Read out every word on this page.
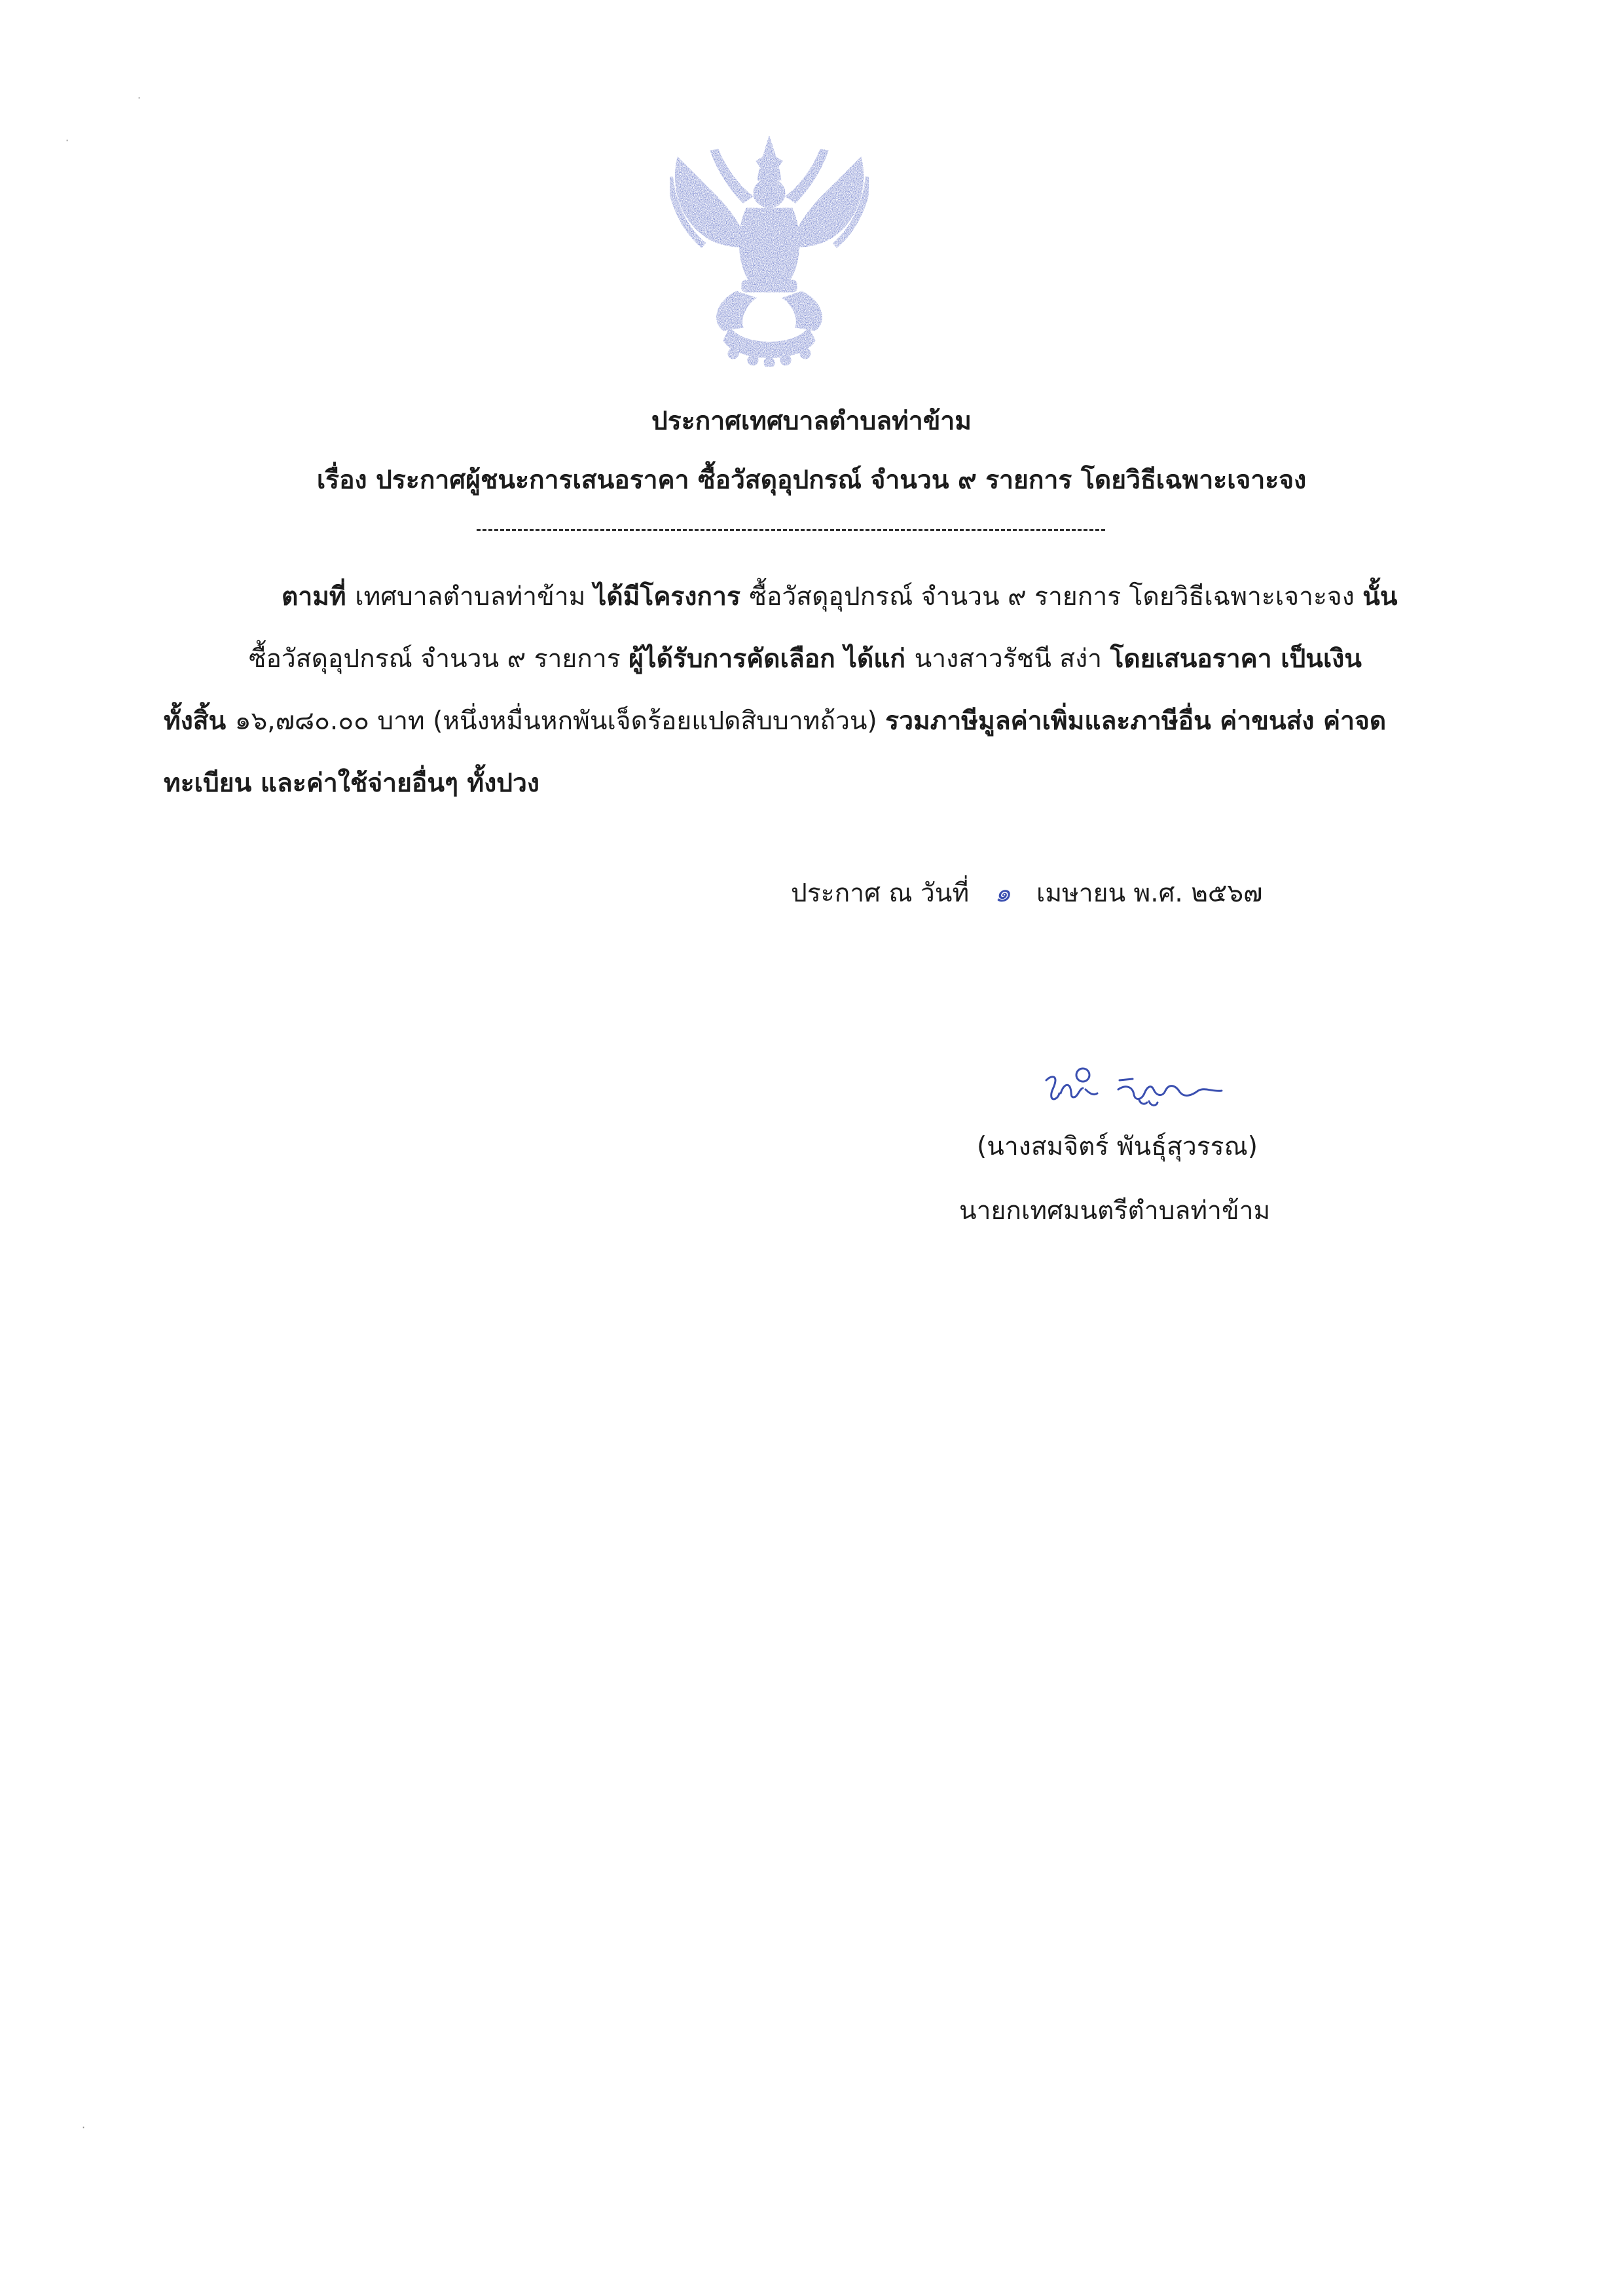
ประกาศเทศบาลตำบลท่าข้าม
เรื่อง ประกาศผู้ชนะการเสนอราคา ซื้อวัสดุอุปกรณ์ จำนวน ๙ รายการ โดยวิธีเฉพาะเจาะจง
ตามที่ เทศบาลตำบลท่าข้าม ได้มีโครงการ ซื้อวัสดุอุปกรณ์ จำนวน ๙ รายการ โดยวิธีเฉพาะเจาะจง นั้น
ซื้อวัสดุอุปกรณ์ จำนวน ๙ รายการ ผู้ได้รับการคัดเลือก ได้แก่ นางสาวรัชนี สง่า โดยเสนอราคา เป็นเงิน
ทั้งสิ้น ๑๖,๗๘๐.๐๐ บาท (หนึ่งหมื่นหกพันเจ็ดร้อยแปดสิบบาทถ้วน) รวมภาษีมูลค่าเพิ่มและภาษีอื่น ค่าขนส่ง ค่าจด
ทะเบียน และค่าใช้จ่ายอื่นๆ ทั้งปวง
ประกาศ ณ วันที่ ๑ เมษายน พ.ศ. ๒๕๖๗
(นางสมจิตร์ พันธุ์สุวรรณ)
นายกเทศมนตรีตำบลท่าข้าม
·
·
·
